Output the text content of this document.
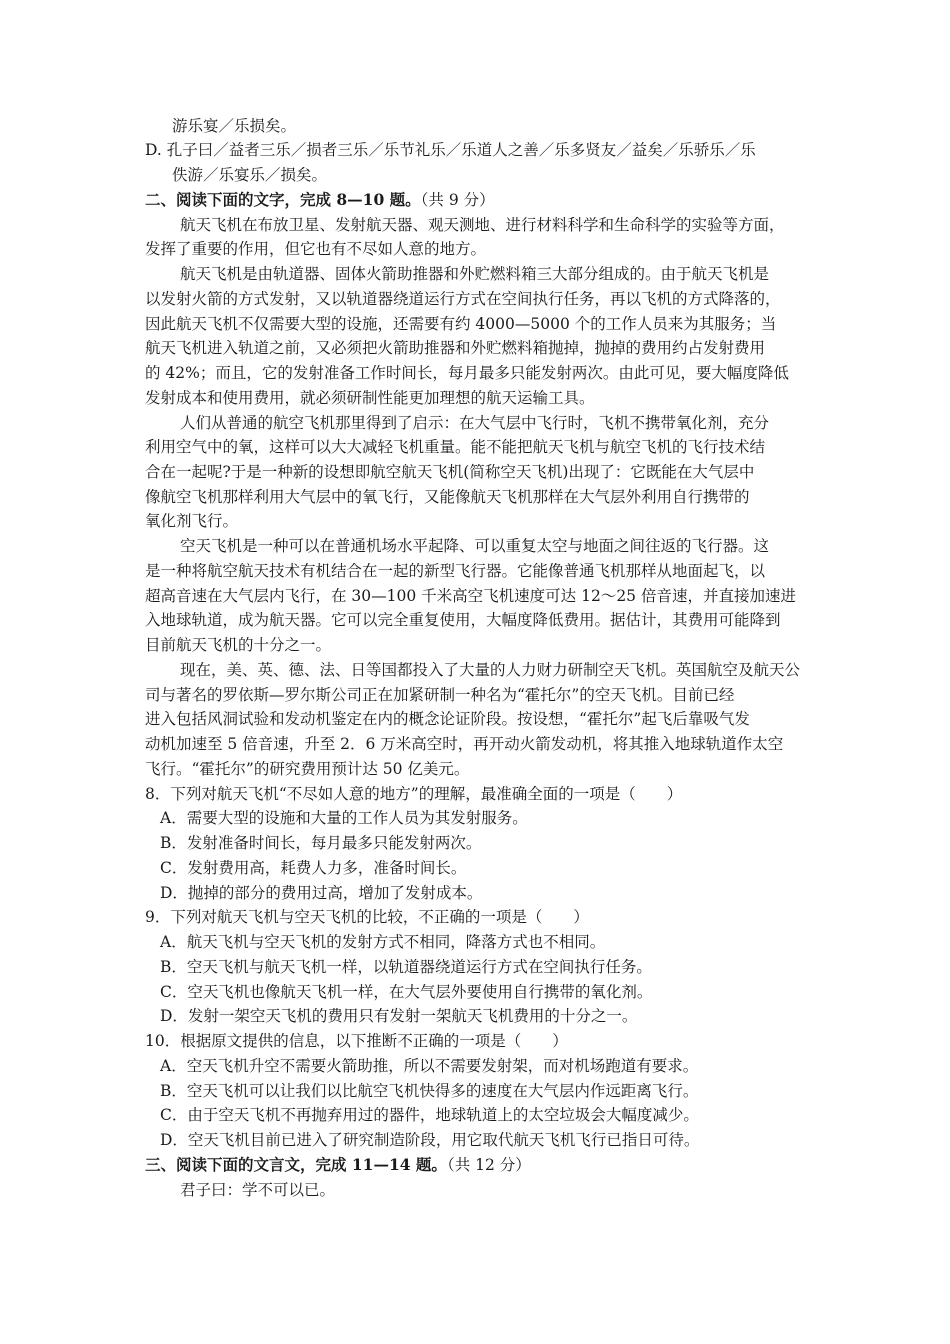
游乐宴／乐损矣。
D. 孔子曰／益者三乐／损者三乐／乐节礼乐／乐道人之善／乐多贤友／益矣／乐骄乐／乐
佚游／乐宴乐／损矣。
二、阅读下面的文字，完成 8—10 题。（共 9 分）
航天飞机在布放卫星、发射航天器、观天测地、进行材料科学和生命科学的实验等方面，
发挥了重要的作用，但它也有不尽如人意的地方。
航天飞机是由轨道器、固体火箭助推器和外贮燃料箱三大部分组成的。由于航天飞机是
以发射火箭的方式发射，又以轨道器绕道运行方式在空间执行任务，再以飞机的方式降落的，
因此航天飞机不仅需要大型的设施，还需要有约 4000—5000 个的工作人员来为其服务；当
航天飞机进入轨道之前，又必须把火箭助推器和外贮燃料箱抛掉，抛掉的费用约占发射费用
的 42%；而且，它的发射准备工作时间长，每月最多只能发射两次。由此可见，要大幅度降低
发射成本和使用费用，就必须研制性能更加理想的航天运输工具。
人们从普通的航空飞机那里得到了启示：在大气层中飞行时，飞机不携带氧化剂，充分
利用空气中的氧，这样可以大大减轻飞机重量。能不能把航天飞机与航空飞机的飞行技术结
合在一起呢?于是一种新的设想即航空航天飞机(简称空天飞机)出现了：它既能在大气层中
像航空飞机那样利用大气层中的氧飞行，又能像航天飞机那样在大气层外利用自行携带的
氧化剂飞行。
空天飞机是一种可以在普通机场水平起降、可以重复太空与地面之间往返的飞行器。这
是一种将航空航天技术有机结合在一起的新型飞行器。它能像普通飞机那样从地面起飞，以
超高音速在大气层内飞行，在 30—100 千米高空飞机速度可达 12～25 倍音速，并直接加速进
入地球轨道，成为航天器。它可以完全重复使用，大幅度降低费用。据估计，其费用可能降到
目前航天飞机的十分之一。
现在，美、英、德、法、日等国都投入了大量的人力财力研制空天飞机。英国航空及航天公
司与著名的罗依斯—罗尔斯公司正在加紧研制一种名为“霍托尔”的空天飞机。目前已经
进入包括风洞试验和发动机鉴定在内的概念论证阶段。按设想，“霍托尔”起飞后靠吸气发
动机加速至 5 倍音速，升至 2．6 万米高空时，再开动火箭发动机，将其推入地球轨道作太空
飞行。“霍托尔”的研究费用预计达 50 亿美元。
8．下列对航天飞机“不尽如人意的地方”的理解，最准确全面的一项是（　　）
A．需要大型的设施和大量的工作人员为其发射服务。
B．发射准备时间长，每月最多只能发射两次。
C．发射费用高，耗费人力多，准备时间长。
D．抛掉的部分的费用过高，增加了发射成本。
9．下列对航天飞机与空天飞机的比较，不正确的一项是（　　）
A．航天飞机与空天飞机的发射方式不相同，降落方式也不相同。
B．空天飞机与航天飞机一样，以轨道器绕道运行方式在空间执行任务。
C．空天飞机也像航天飞机一样，在大气层外要使用自行携带的氧化剂。
D．发射一架空天飞机的费用只有发射一架航天飞机费用的十分之一。
10．根据原文提供的信息，以下推断不正确的一项是（　　）
A．空天飞机升空不需要火箭助推，所以不需要发射架，而对机场跑道有要求。
B．空天飞机可以让我们以比航空飞机快得多的速度在大气层内作远距离飞行。
C．由于空天飞机不再抛弃用过的器件，地球轨道上的太空垃圾会大幅度减少。
D．空天飞机目前已进入了研究制造阶段，用它取代航天飞机飞行已指日可待。
三、阅读下面的文言文，完成 11—14 题。（共 12 分）
君子曰：学不可以已。
